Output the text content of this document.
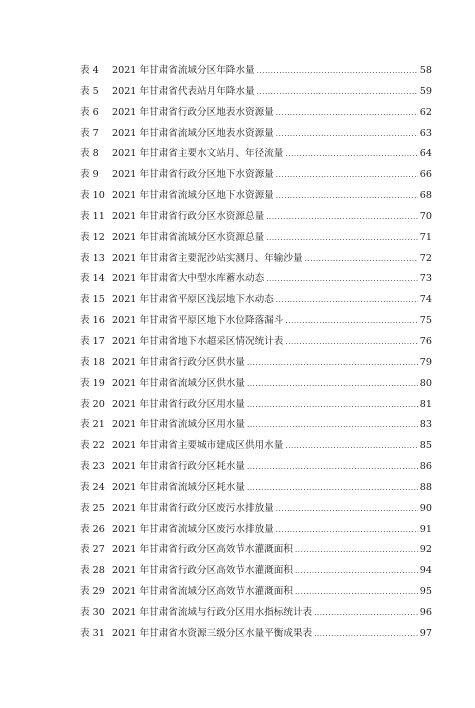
表 4	2021 年甘肃省流域分区年降水量 .....	58
表 5	2021 年甘肃省代表站月年降水量 .....	59
表 6	2021 年甘肃省行政分区地表水资源量 .....	62
表 7	2021 年甘肃省流域分区地表水资源量 .....	63
表 8	2021 年甘肃省主要水文站月、年径流量 .....	64
表 9	2021 年甘肃省行政分区地下水资源量 .....	66
表 10 2021 年甘肃省流域分区地下水资源量 .....	68
表 11 2021 年甘肃省行政分区水资源总量 .....	70
表 12 2021 年甘肃省流域分区水资源总量 .....	71
表 13 2021 年甘肃省主要泥沙站实测月、年输沙量 .....	72
表 14 2021 年甘肃省大中型水库蓄水动态 .....	73
表 15 2021 年甘肃省平原区浅层地下水动态 .....	74
表 16 2021 年甘肃省平原区地下水位降落漏斗 .....	75
表 17 2021 年甘肃省地下水超采区情况统计表 .....	76
表 18 2021 年甘肃省行政分区供水量 .....	79
表 19 2021 年甘肃省流域分区供水量 .....	80
表 20 2021 年甘肃省行政分区用水量 .....	81
表 21 2021 年甘肃省流域分区用水量 .....	83
表 22 2021 年甘肃省主要城市建成区供用水量 .....	85
表 23 2021 年甘肃省行政分区耗水量 .....	86
表 24 2021 年甘肃省流域分区耗水量 .....	88
表 25 2021 年甘肃省行政分区废污水排放量 .....	90
表 26 2021 年甘肃省流域分区废污水排放量 .....	91
表 27 2021 年甘肃省行政分区高效节水灌溉面积 .....	92
表 28 2021 年甘肃省行政分区高效节水灌溉面积 .....	94
表 29 2021 年甘肃省流域分区高效节水灌溉面积 .....	95
表 30 2021 年甘肃省流域与行政分区用水指标统计表 .....	96
表 31 2021 年甘肃省水资源三级分区水量平衡成果表 .....	97
